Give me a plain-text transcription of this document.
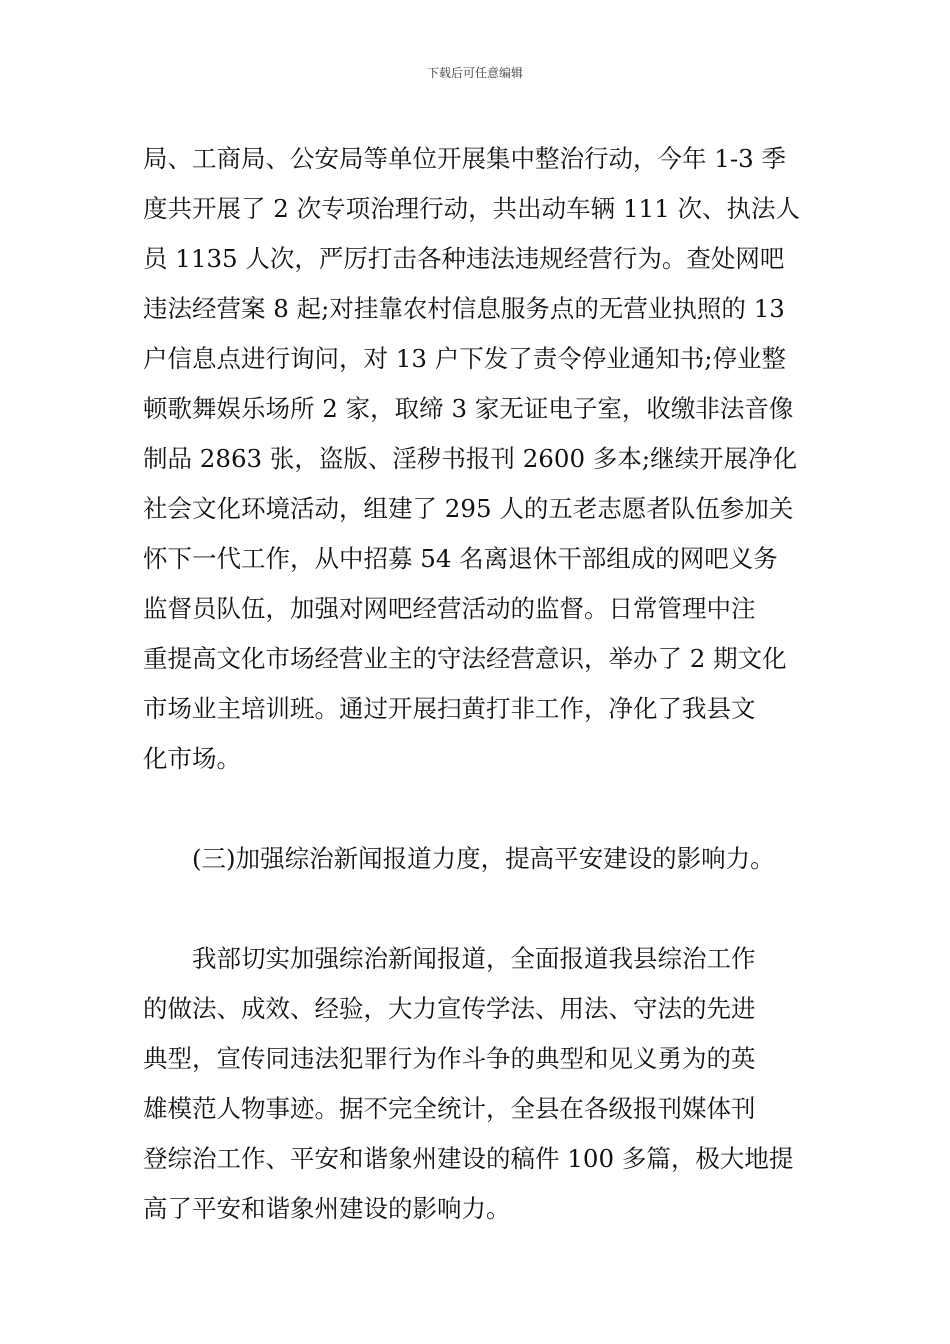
下载后可任意编辑
局、工商局、公安局等单位开展集中整治行动，今年 1-3 季
度共开展了 2 次专项治理行动，共出动车辆 111 次、执法人
员 1135 人次，严厉打击各种违法违规经营行为。查处网吧
违法经营案 8 起;对挂靠农村信息服务点的无营业执照的 13
户信息点进行询问，对 13 户下发了责令停业通知书;停业整
顿歌舞娱乐场所 2 家，取缔 3 家无证电子室，收缴非法音像
制品 2863 张，盗版、淫秽书报刊 2600 多本;继续开展净化
社会文化环境活动，组建了 295 人的五老志愿者队伍参加关
怀下一代工作，从中招募 54 名离退休干部组成的网吧义务
监督员队伍，加强对网吧经营活动的监督。日常管理中注
重提高文化市场经营业主的守法经营意识，举办了 2 期文化
市场业主培训班。通过开展扫黄打非工作，净化了我县文
化市场。
　　(三)加强综治新闻报道力度，提高平安建设的影响力。
　　我部切实加强综治新闻报道，全面报道我县综治工作
的做法、成效、经验，大力宣传学法、用法、守法的先进
典型，宣传同违法犯罪行为作斗争的典型和见义勇为的英
雄模范人物事迹。据不完全统计，全县在各级报刊媒体刊
登综治工作、平安和谐象州建设的稿件 100 多篇，极大地提
高了平安和谐象州建设的影响力。
